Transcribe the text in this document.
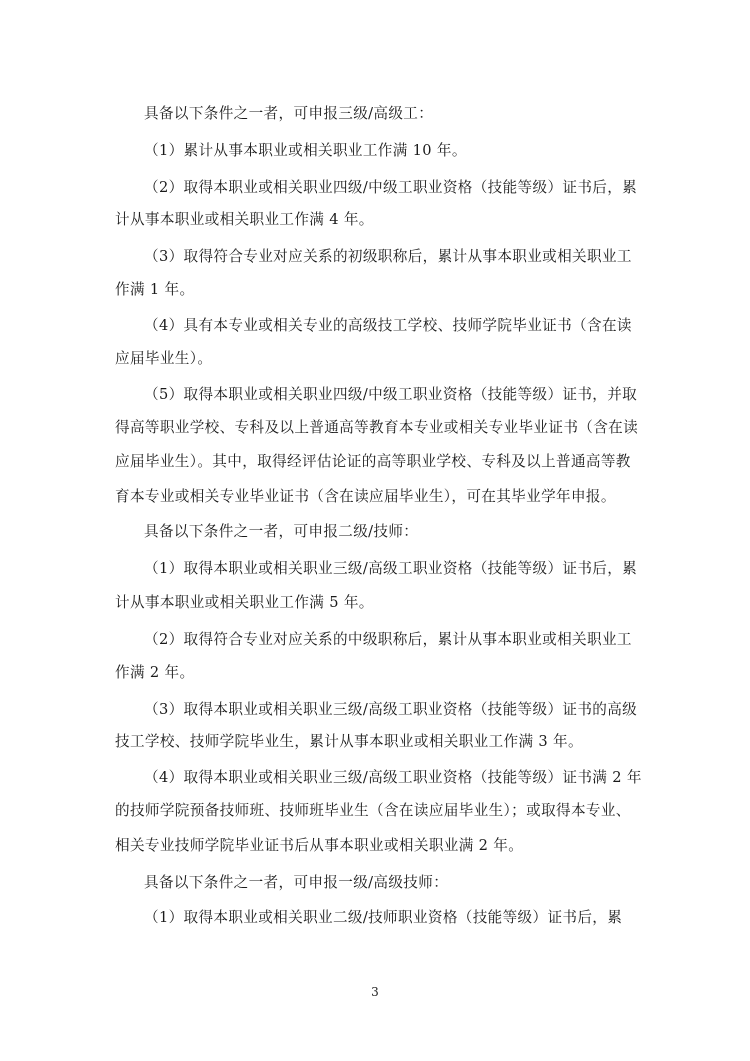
具备以下条件之一者，可申报三级/高级工：
（1）累计从事本职业或相关职业工作满 10 年。
（2）取得本职业或相关职业四级/中级工职业资格（技能等级）证书后，累
计从事本职业或相关职业工作满 4 年。
（3）取得符合专业对应关系的初级职称后，累计从事本职业或相关职业工
作满 1 年。
（4）具有本专业或相关专业的高级技工学校、技师学院毕业证书（含在读
应届毕业生）。
（5）取得本职业或相关职业四级/中级工职业资格（技能等级）证书，并取
得高等职业学校、专科及以上普通高等教育本专业或相关专业毕业证书（含在读
应届毕业生）。其中，取得经评估论证的高等职业学校、专科及以上普通高等教
育本专业或相关专业毕业证书（含在读应届毕业生），可在其毕业学年申报。
具备以下条件之一者，可申报二级/技师：
（1）取得本职业或相关职业三级/高级工职业资格（技能等级）证书后，累
计从事本职业或相关职业工作满 5 年。
（2）取得符合专业对应关系的中级职称后，累计从事本职业或相关职业工
作满 2 年。
（3）取得本职业或相关职业三级/高级工职业资格（技能等级）证书的高级
技工学校、技师学院毕业生，累计从事本职业或相关职业工作满 3 年。
（4）取得本职业或相关职业三级/高级工职业资格（技能等级）证书满 2 年
的技师学院预备技师班、技师班毕业生（含在读应届毕业生）；或取得本专业、
相关专业技师学院毕业证书后从事本职业或相关职业满 2 年。
具备以下条件之一者，可申报一级/高级技师：
（1）取得本职业或相关职业二级/技师职业资格（技能等级）证书后，累
3
